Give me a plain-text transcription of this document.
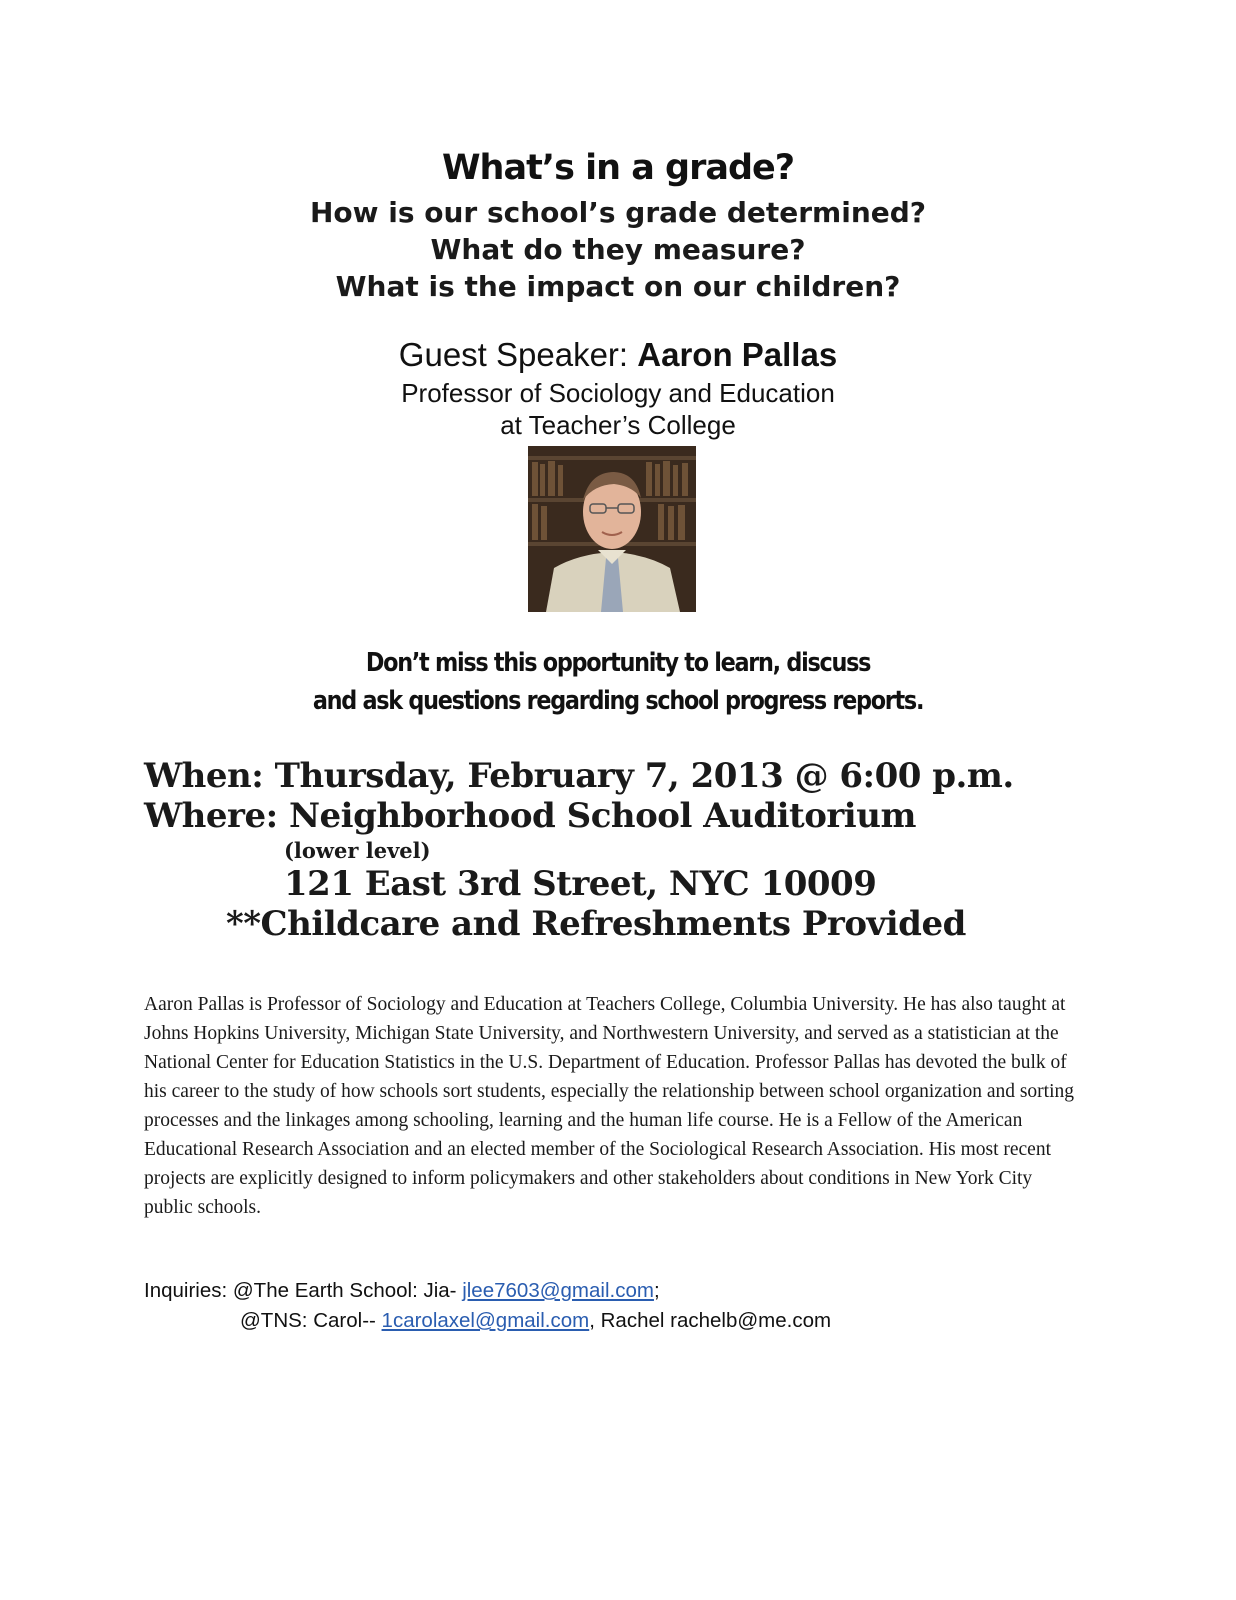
What’s in a grade?
How is our school’s grade determined?
What do they measure?
What is the impact on our children?
Guest Speaker: Aaron Pallas
Professor of Sociology and Education
at Teacher’s College
Don’t miss this opportunity to learn, discuss
and ask questions regarding school progress reports.
When: Thursday, February 7, 2013 @ 6:00 p.m.
Where: Neighborhood School Auditorium
(lower level)
121 East 3rd Street, NYC 10009
**Childcare and Refreshments Provided
Aaron Pallas is Professor of Sociology and Education at Teachers College, Columbia University. He has also taught at Johns Hopkins University, Michigan State University, and Northwestern University, and served as a statistician at the National Center for Education Statistics in the U.S. Department of Education. Professor Pallas has devoted the bulk of his career to the study of how schools sort students, especially the relationship between school organization and sorting processes and the linkages among schooling, learning and the human life course. He is a Fellow of the American Educational Research Association and an elected member of the Sociological Research Association. His most recent projects are explicitly designed to inform policymakers and other stakeholders about conditions in New York City public schools.
Inquiries: @The Earth School: Jia- jlee7603@gmail.com;
@TNS: Carol-- 1carolaxel@gmail.com, Rachel rachelb@me.com
